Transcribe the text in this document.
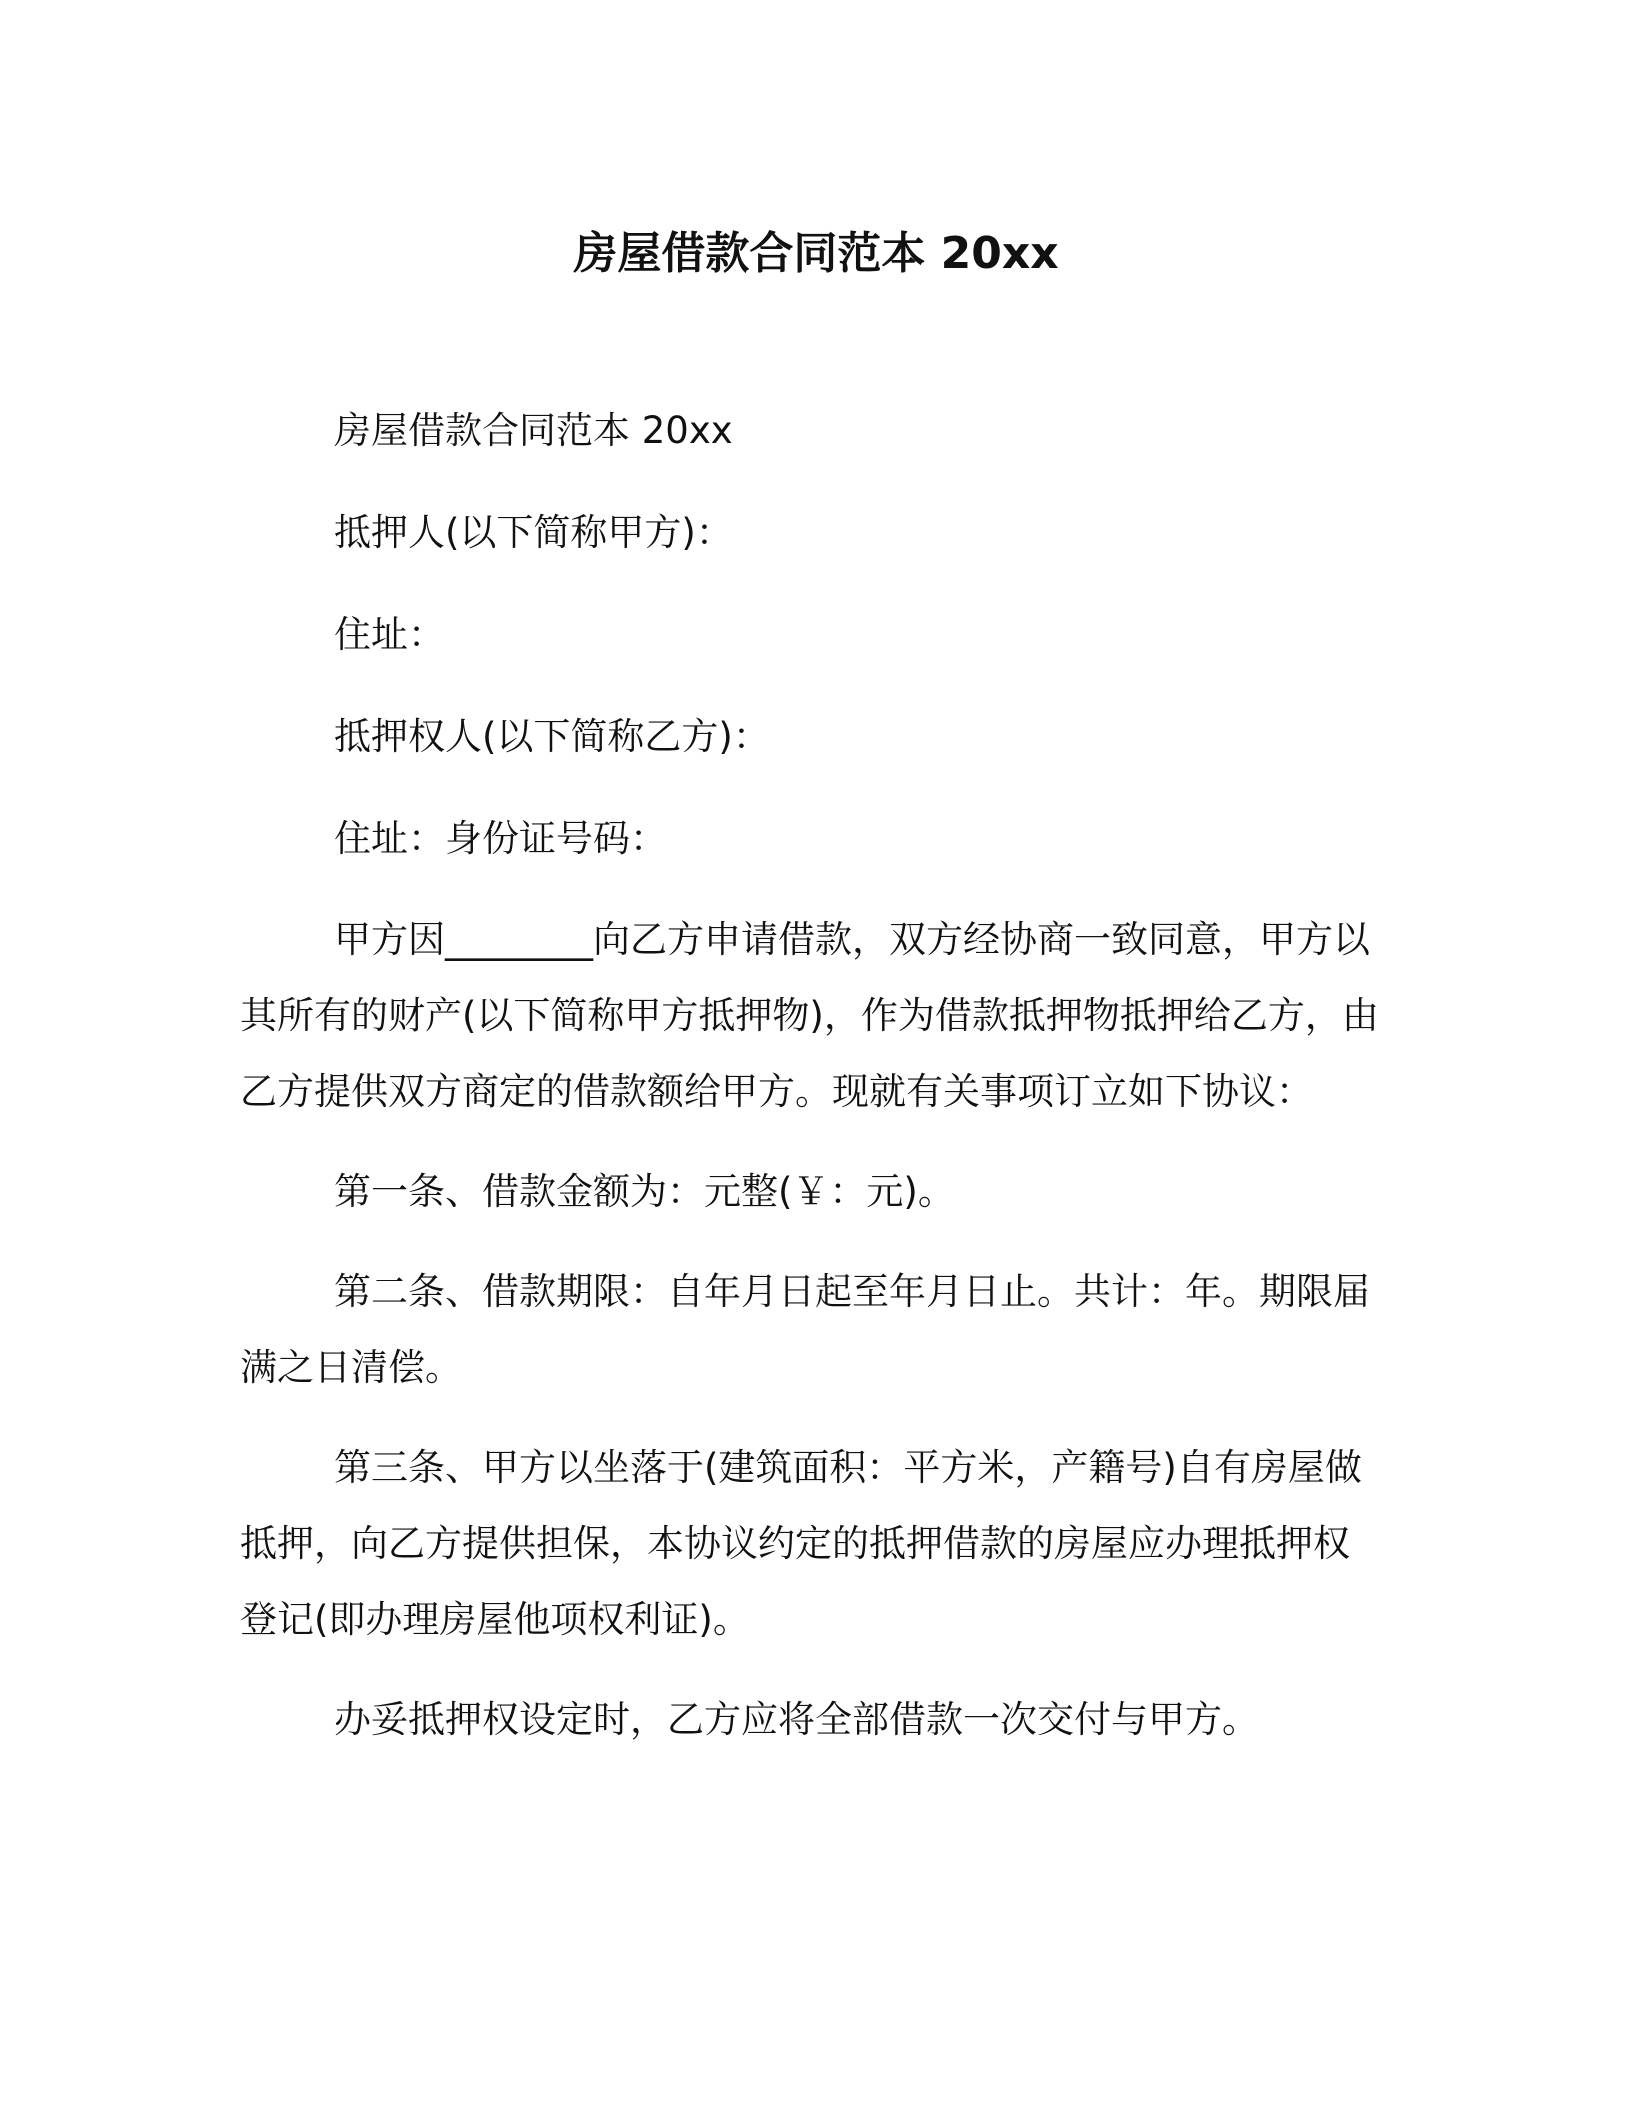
房屋借款合同范本 20xx

房屋借款合同范本 20xx

抵押人(以下简称甲方)：

住址：

抵押权人(以下简称乙方)：

住址：身份证号码：

甲方因________向乙方申请借款，双方经协商一致同意，甲方以其所有的财产(以下简称甲方抵押物)，作为借款抵押物抵押给乙方，由乙方提供双方商定的借款额给甲方。现就有关事项订立如下协议：

第一条、借款金额为：元整(￥：元)。

第二条、借款期限：自年月日起至年月日止。共计：年。期限届满之日清偿。

第三条、甲方以坐落于(建筑面积：平方米，产籍号)自有房屋做抵押，向乙方提供担保，本协议约定的抵押借款的房屋应办理抵押权登记(即办理房屋他项权利证)。

办妥抵押权设定时，乙方应将全部借款一次交付与甲方。
